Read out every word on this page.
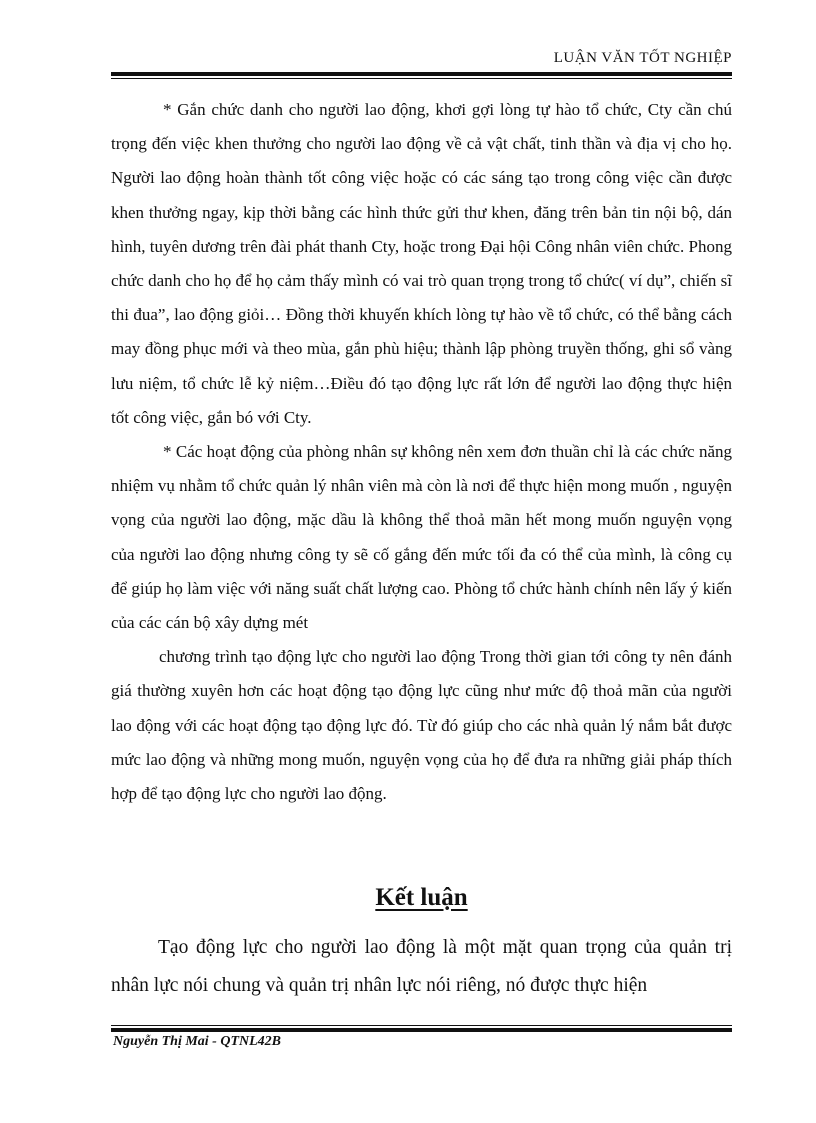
LUẬN VĂN TỐT NGHIỆP

* Gắn chức danh cho người lao động, khơi gợi lòng tự hào tổ chức, Cty cần chú trọng đến việc khen thưởng cho người lao động về cả vật chất, tinh thần và địa vị cho họ. Người lao động hoàn thành tốt công việc hoặc có các sáng tạo trong công việc cần được khen thưởng ngay, kịp thời bằng các hình thức gửi thư khen, đăng trên bản tin nội bộ, dán hình, tuyên dương trên đài phát thanh Cty, hoặc trong Đại hội Công nhân viên chức. Phong chức danh cho họ để họ cảm thấy mình có vai trò quan trọng trong tổ chức( ví dụ”, chiến sĩ thi đua”, lao động giỏi… Đồng thời khuyến khích lòng tự hào về tổ chức, có thể bằng cách may đồng phục mới và theo mùa, gắn phù hiệu; thành lập phòng truyền thống, ghi sổ vàng lưu niệm, tổ chức lễ kỷ niệm…Điều đó tạo động lực rất lớn để người lao động thực hiện tốt công việc, gắn bó với Cty.

* Các hoạt động của phòng nhân sự không nên xem đơn thuần chỉ là các chức năng nhiệm vụ nhằm tổ chức quản lý nhân viên mà còn là nơi để thực hiện mong muốn , nguyện vọng của người lao động, mặc dầu là không thể thoả mãn hết mong muốn nguyện vọng của người lao động nhưng công ty sẽ cố gắng đến mức tối đa có thể của mình, là công cụ để giúp họ làm việc với năng suất chất lượng cao. Phòng tổ chức hành chính nên lấy ý kiến của các cán bộ xây dựng mét

chương trình tạo động lực cho người lao động Trong thời gian tới công ty nên đánh giá thường xuyên hơn các hoạt động tạo động lực cũng như mức độ thoả mãn của người lao động với các hoạt động tạo động lực đó. Từ đó giúp cho các nhà quản lý nắm bắt được mức lao động và những mong muốn, nguyện vọng của họ để đưa ra những giải pháp thích hợp để tạo động lực cho người lao động.

Kết luận

Tạo động lực cho người lao động là một mặt quan trọng của quản trị nhân lực nói chung và quản trị nhân lực nói riêng, nó được thực hiện

Nguyễn Thị Mai - QTNL42B
